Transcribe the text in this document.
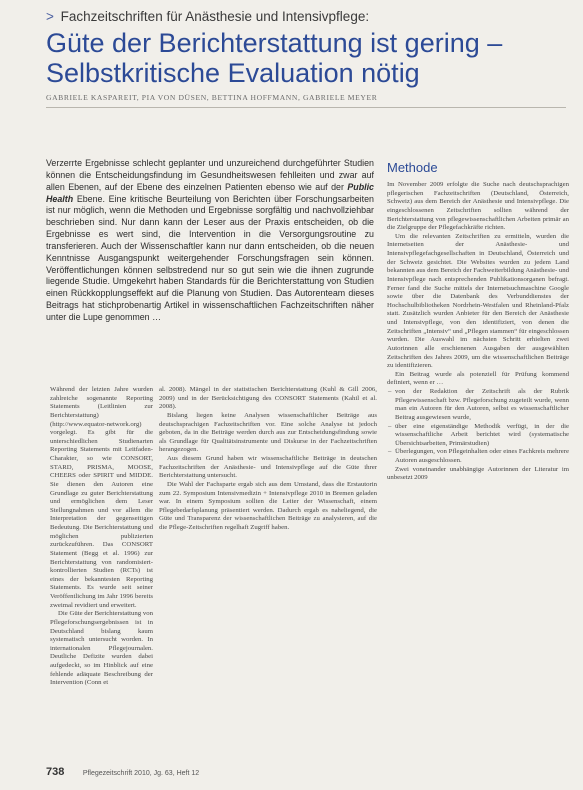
> Fachzeitschriften für Anästhesie und Intensivpflege:
Güte der Berichterstattung ist gering –
Selbstkritische Evaluation nötig
GABRIELE KASPAREIT, PIA VON DÜSEN, BETTINA HOFFMANN, GABRIELE MEYER

Verzerrte Ergebnisse schlecht geplanter und unzureichend durchgeführter Studien können die Entscheidungsfindung im Gesundheitswesen fehlleiten und zwar auf allen Ebenen, auf der Ebene des einzelnen Patienten ebenso wie auf der Public Health Ebene. Eine kritische Beurteilung von Berichten über Forschungsarbeiten ist nur möglich, wenn die Methoden und Ergebnisse sorgfältig und nachvollziehbar beschrieben sind. Nur dann kann der Leser aus der Praxis entscheiden, ob die Ergebnisse es wert sind, die Intervention in die Versorgungsroutine zu transferieren. Auch der Wissenschaftler kann nur dann entscheiden, ob die neuen Kenntnisse Ausgangspunkt weitergehender Forschungsfragen sein können. Veröffentlichungen können selbstredend nur so gut sein wie die ihnen zugrunde liegende Studie. Umgekehrt haben Standards für die Berichterstattung von Studien einen Rückkopplungseffekt auf die Planung von Studien. Das Autorenteam dieses Beitrags hat stichprobenartig Artikel in wissenschaftlichen Fachzeitschriften näher unter die Lupe genommen …

Methode

Während der letzten Jahre wurden zahlreiche sogenannte Reporting Statements (Leitlinien zur Berichterstattung) (http://www.equator-network.org) vorgelegt. Es gibt für die unterschiedlichen Studienarten Reporting Statements mit Leitfaden-Charakter, so wie CONSORT, STARD, PRISMA, MOOSE, CHEERS oder SPIRIT und MIDDE. Sie dienen den Autoren eine Grundlage zu guter Berichterstattung und ermöglichen dem Leser Stellungnahmen und vor allem die Interpretation der gegenseitigen Bedeutung. Die Berichterstattung und möglichen publizierten zurückzuführen. Das CONSORT Statement (Begg et al. 1996) zur Berichterstattung von randomisiert-kontrollierten Studien (RCTs) ist eines der bekanntesten Reporting Statements. Es wurde seit seiner Veröffentlichung im Jahr 1996 bereits zweimal revidiert und erweitert.

Die Güte der Berichterstattung von Pflegeforschungsergebnissen ist in Deutschland bislang kaum systematisch untersucht worden. In internationalen Pflegejournalen. Deutliche Defizite wurden dabei aufgedeckt, so im Hinblick auf eine fehlende adäquate Beschreibung der Intervention (Conn et

al. 2008). Mängel in der statistischen Berichterstattung (Kuhl & Gill 2006, 2009) und in der Berücksichtigung des CONSORT Statements (Kahil et al. 2008).

Bislang liegen keine Analysen wissenschaftlicher Beiträge aus deutschsprachigen Fachzeitschriften vor. Eine solche Analyse ist jedoch geboten, da in die Beiträge werden durch aus zur Entscheidungsfindung sowie als Grundlage für Qualitätsinstrumente und Diskurse in der Fachzeitschriften herangezogen.

Aus diesem Grund haben wir wissenschaftliche Beiträge in deutschen Fachzeitschriften der Anästhesie- und Intensivpflege auf die Güte ihrer Berichterstattung untersucht.

Die Wahl der Fachsparte ergab sich aus dem Umstand, dass die Erstautorin zum 22. Symposium Intensivmedizin + Intensivpflege 2010 in Bremen geladen war. In einem Symposium sollten die Leiter der Wissenschaft, einem Pflegebedarfsplanung präsentiert werden. Dadurch ergab es naheliegend, die Güte und Transparenz der wissenschaftlichen Beiträge zu analysieren, auf die die Pflege-Zeitschriften regelhaft Zugriff haben.

Im November 2009 erfolgte die Suche nach deutschsprachigen pflegerischen Fachzeitschriften (Deutschland, Österreich, Schweiz) aus dem Bereich der Anästhesie und Intensivpflege. Die eingeschlossenen Zeitschriften sollten während der Berichterstattung von pflegewissenschaftlichen Arbeiten primär an die Zielgruppe der Pflegefachkräfte richten.

Um die relevanten Zeitschriften zu ermitteln, wurden die Internetseiten der Anästhesie- und Intensivpflegefachgesellschaften in Deutschland, Österreich und der Schweiz gesichtet. Die Websites wurden zu jedem Land bekannten aus dem Bereich der Fachweiterbildung Anästhesie- und Intensivpflege nach entsprechenden Publikationsorganen befragt. Ferner fand die Suche mittels der Internetsuchmaschine Google sowie über die Datenbank des Verbunddienstes der Hochschulbibliotheken Nordrhein-Westfalen und Rheinland-Pfalz statt. Zusätzlich wurden Anbieter für den Bereich der Anästhesie und Intensivpflege, von den identifiziert, von denen die Zeitschriften „Intensiv“ und „Pflegen stammen“ für eingeschlossen wurden. Die Auswahl im nächsten Schritt erhielten zwei Autorinnen alle erschienenen Ausgaben der ausgewählten Zeitschriften des Jahres 2009, um die wissenschaftlichen Beiträge zu identifizieren.

Ein Beitrag wurde als potenziell für Prüfung kommend definiert, wenn er …

– von der Redaktion der Zeitschrift als der Rubrik Pflegewissenschaft bzw. Pflegeforschung zugeteilt wurde, wenn man ein Autoren für den Autoren, selbst es wissenschaftlicher Beitrag ausgewiesen wurde,
– über eine eigenständige Methodik verfügt, in der die wissenschaftliche Arbeit berichtet wird (systematische Übersichtsarbeiten, Primärstudien)
– Überlegungen, von Pflegeinhalten oder eines Fachkreis mehrere Autoren ausgeschlossen.

Zwei voneinander unabhängige Autorinnen der Literatur im unbesetzt 2009

738	Pflegezeitschrift 2010, Jg. 63, Heft 12
